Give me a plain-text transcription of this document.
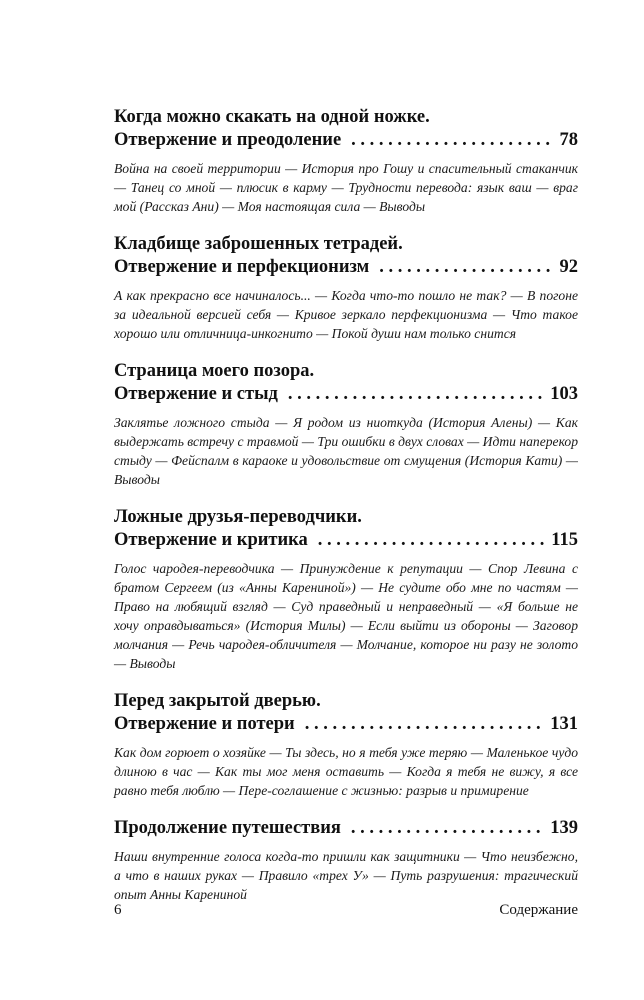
Когда можно скакать на одной ножке.
Отвержение и преодоление . . .	78
Война на своей территории — История про Гошу и спасительный стаканчик — Танец со мной — плюсик в карму — Трудности перевода: язык ваш — враг мой (Рассказ Ани) — Моя настоящая сила — Выводы
Кладбище заброшенных тетрадей.
Отвержение и перфекционизм . . .	92
А как прекрасно все начиналось... — Когда что-то пошло не так? — В погоне за идеальной версией себя — Кривое зеркало перфекционизма — Что такое хорошо или отличница-инкогнито — Покой души нам только снится
Страница моего позора.
Отвержение и стыд . . .	103
Заклятье ложного стыда — Я родом из ниоткуда (История Алены) — Как выдержать встречу с травмой — Три ошибки в двух словах — Идти наперекор стыду — Фейспалм в караоке и удовольствие от смущения (История Кати) — Выводы
Ложные друзья-переводчики.
Отвержение и критика . . .	115
Голос чародея-переводчика — Принуждение к репутации — Спор Левина с братом Сергеем (из «Анны Карениной») — Не судите обо мне по частям — Право на любящий взгляд — Суд праведный и неправедный — «Я больше не хочу оправдываться» (История Милы) — Если выйти из обороны — Заговор молчания — Речь чародея-обличителя — Молчание, которое ни разу не золото — Выводы
Перед закрытой дверью.
Отвержение и потери . . .	131
Как дом горюет о хозяйке — Ты здесь, но я тебя уже теряю — Маленькое чудо длиною в час — Как ты мог меня оставить — Когда я тебя не вижу, я все равно тебя люблю — Пере-соглашение с жизнью: разрыв и примирение
Продолжение путешествия . . .	139
Наши внутренние голоса когда-то пришли как защитники — Что неизбежно, а что в наших руках — Правило «трех У» — Путь разрушения: трагический опыт Анны Карениной
6	Содержание
